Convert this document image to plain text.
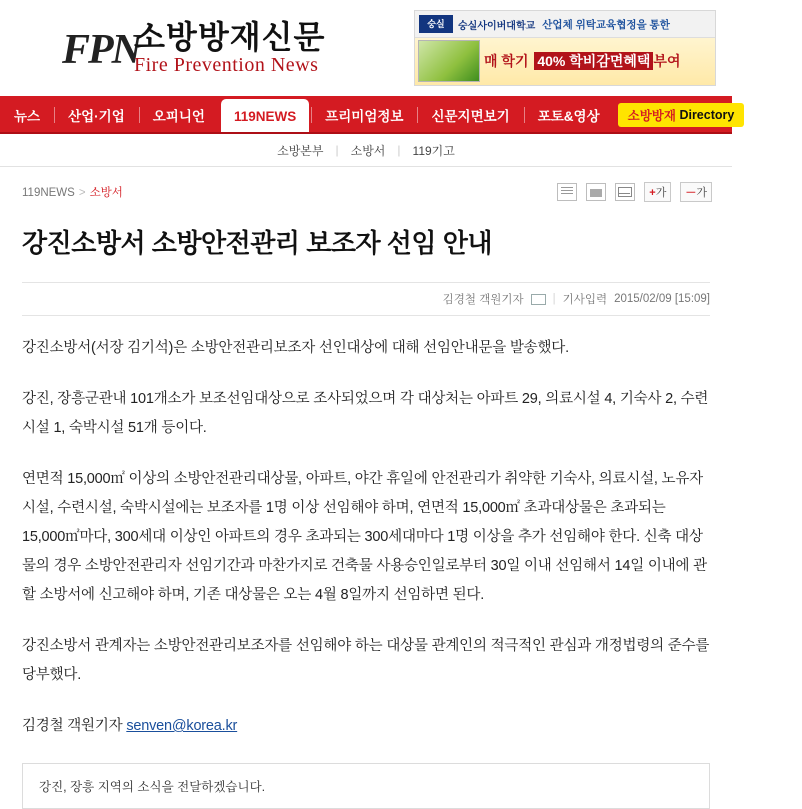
FPN
소방방재신문
Fire Prevention News
숭실	숭실사이버대학교 산업체 위탁교육협정을 통한
매 학기 40% 학비감면혜택 부여
뉴스	산업·기업	오피니언	119NEWS	프리미엄정보	신문지면보기	포토&영상	소방방재
Directory	문화
소방본부	|	소방서	|	119기고
119NEWS > 소방서	+가	－가
강진소방서 소방안전관리 보조자 선임 안내
김경철 객원기자	| 기사입력 2015/02/09 [15:09]

강진소방서(서장 김기석)은 소방안전관리보조자 선인대상에 대해 선임안내문을 발송했다.

강진, 장흥군관내 101개소가 보조선임대상으로 조사되었으며 각 대상처는 아파트 29, 의료시설 4, 기숙사 2, 수련시설 1, 숙박시설 51개 등이다.

연면적 15,000㎡ 이상의 소방안전관리대상물, 아파트, 야간 휴일에 안전관리가 취약한 기숙사, 의료시설, 노유자시설, 수련시설, 숙박시설에는 보조자를 1명 이상 선임해야 하며, 연면적 15,000㎡ 초과대상물은 초과되는 15,000㎡마다, 300세대 이상인 아파트의 경우 초과되는 300세대마다 1명 이상을 추가 선임해야 한다. 신축 대상물의 경우 소방안전관리자 선임기간과 마찬가지로 건축물 사용승인일로부터 30일 이내 선임해서 14일 이내에 관할 소방서에 신고해야 하며, 기존 대상물은 오는 4월 8일까지 선임하면 된다.

강진소방서 관계자는 소방안전관리보조자를 선임해야 하는 대상물 관계인의 적극적인 관심과 개정법령의 준수를 당부했다.

김경철 객원기자 senven@korea.kr

강진, 장흥 지역의 소식을 전달하겠습니다.
